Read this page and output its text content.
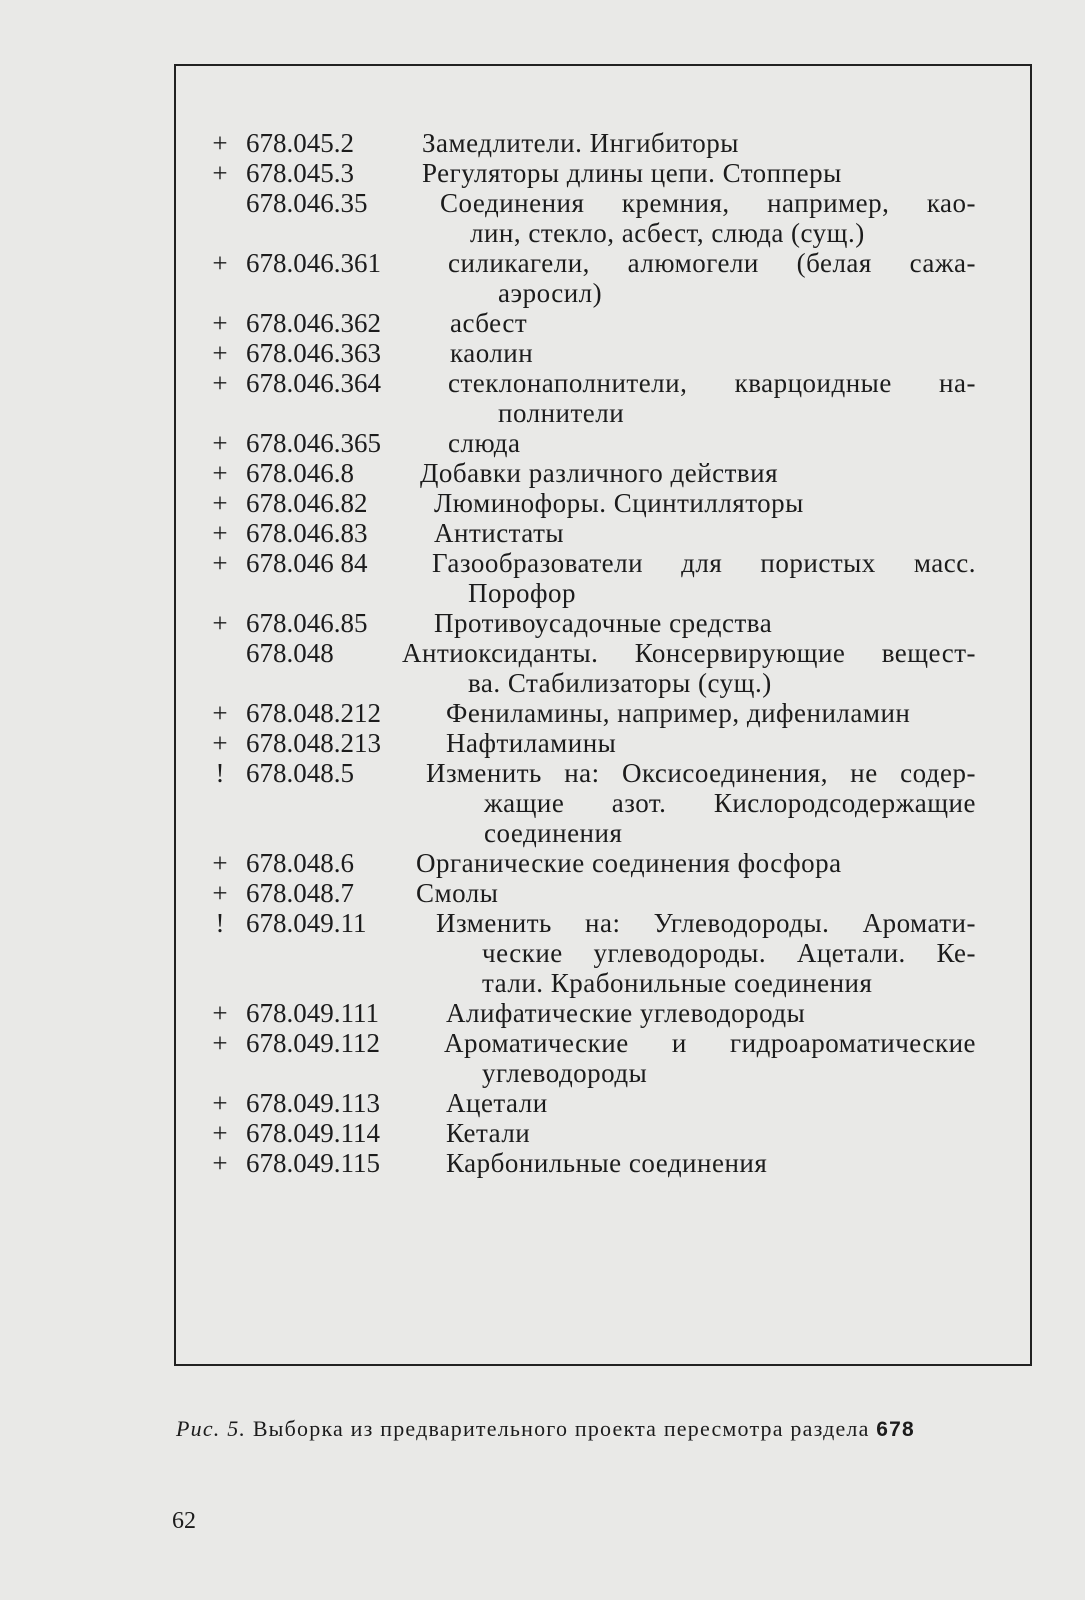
+ 678.045.2	Замедлители. Ингибиторы
+ 678.045.3	Регуляторы длины цепи. Стопперы
678.046.35	Соединения кремния, например, као-
лин, стекло, асбест, слюда (сущ.)
+ 678.046.361	силикагели, алюмогели (белая сажа-
аэросил)
+ 678.046.362	асбест
+ 678.046.363	каолин
+ 678.046.364	стеклонаполнители, кварцоидные на-
полнители
+ 678.046.365	слюда
+ 678.046.8	Добавки различного действия
+ 678.046.82	Люминофоры. Сцинтилляторы
+ 678.046.83	Антистаты
+ 678.046 84	Газообразователи для пористых масс.
Порофор
+ 678.046.85	Противоусадочные средства
678.048	Антиоксиданты. Консервирующие вещест-
ва. Стабилизаторы (сущ.)
+ 678.048.212	Фениламины, например, дифениламин
+ 678.048.213	Нафтиламины
! 678.048.5	Изменить на: Оксисоединения, не содер-
жащие азот. Кислородсодержащие
соединения
+ 678.048.6	Органические соединения фосфора
+ 678.048.7	Смолы
! 678.049.11	Изменить на: Углеводороды. Аромати-
ческие углеводороды. Ацетали. Ке-
тали. Крабонильные соединения
+ 678.049.111	Алифатические углеводороды
+ 678.049.112	Ароматические и гидроароматические
углеводороды
+ 678.049.113	Ацетали
+ 678.049.114	Кетали
+ 678.049.115	Карбонильные соединения
Рис. 5. Выборка из предварительного проекта пересмотра раздела 678
62
